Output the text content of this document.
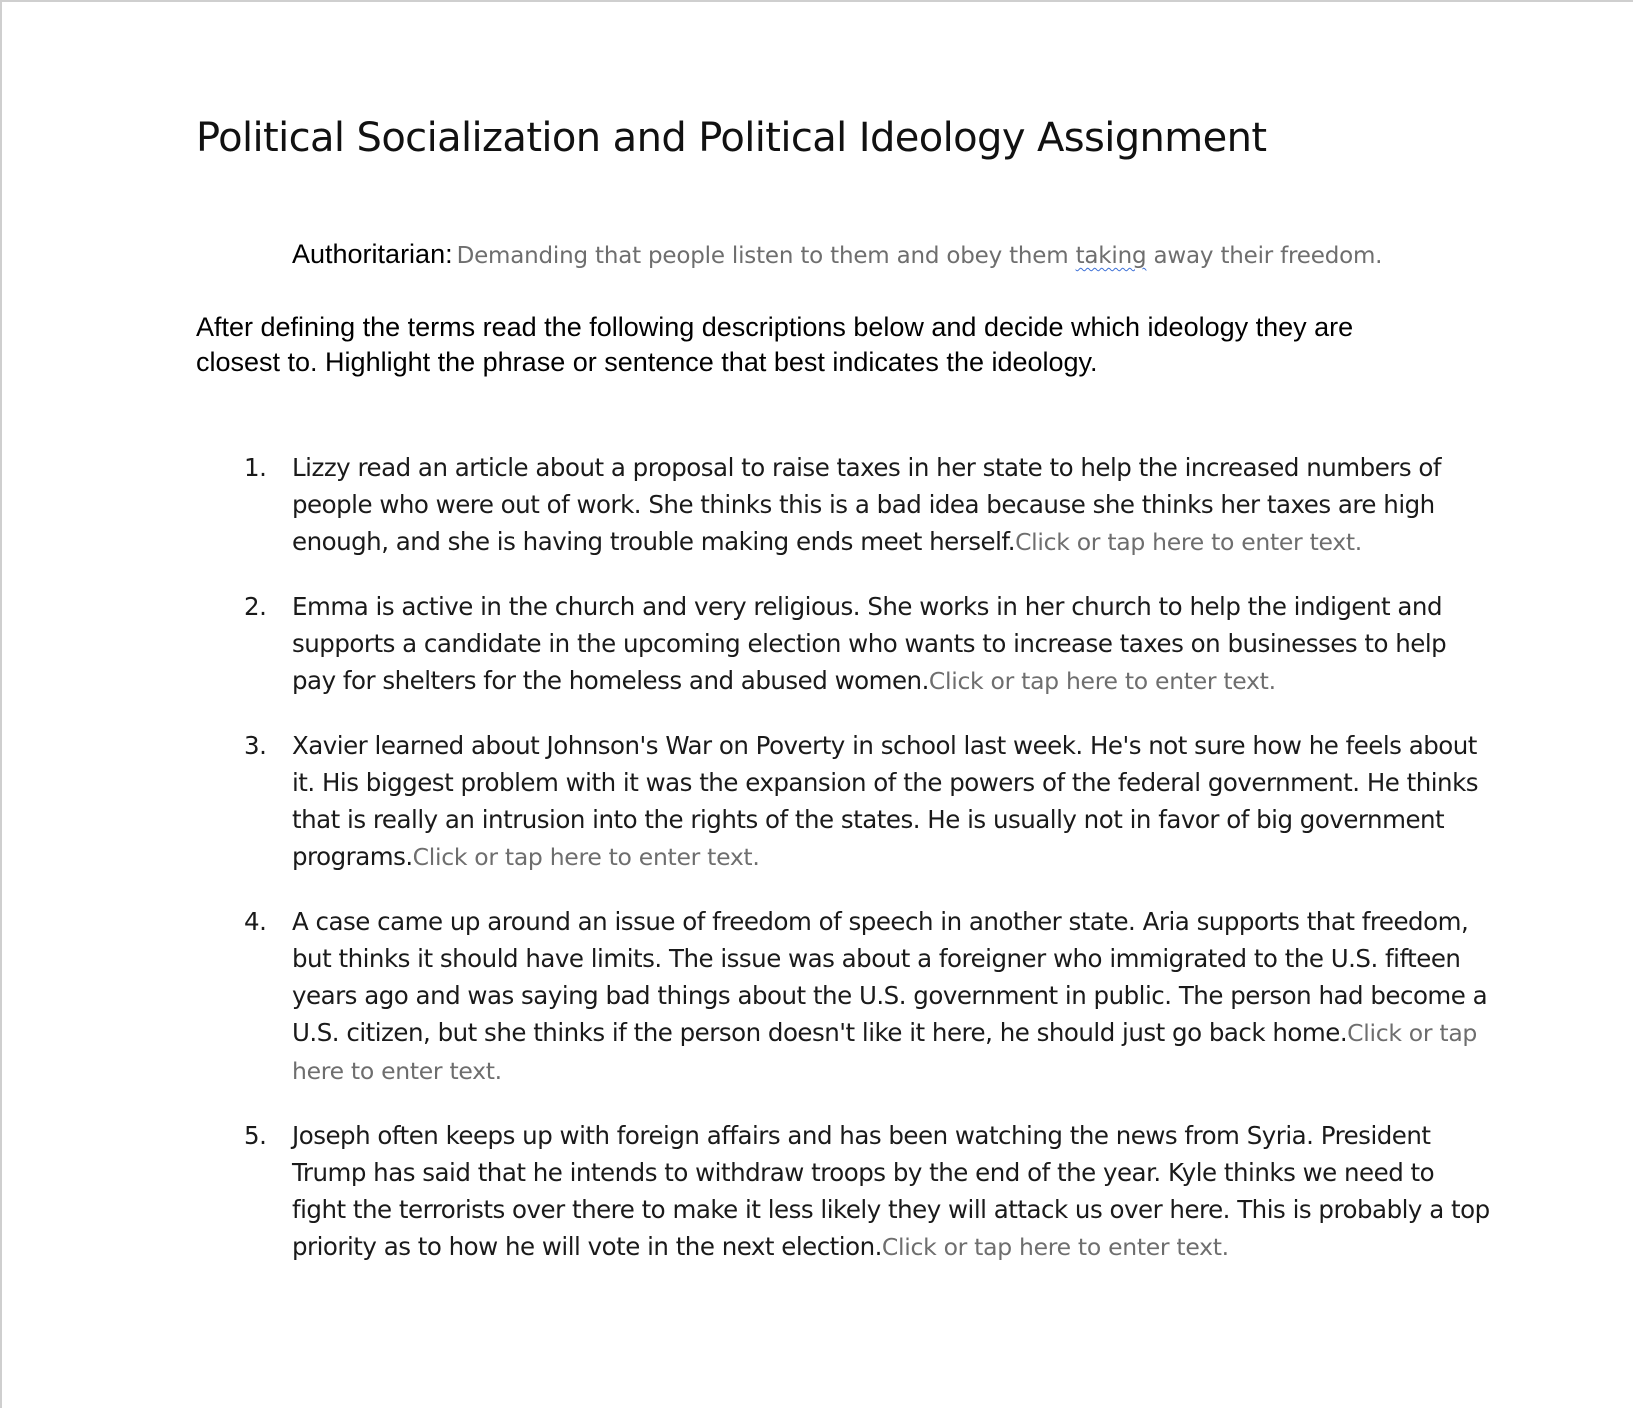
Political Socialization and Political Ideology Assignment
Authoritarian: Demanding that people listen to them and obey them taking away their freedom.

After defining the terms read the following descriptions below and decide which ideology they are closest to. Highlight the phrase or sentence that best indicates the ideology.

1. Lizzy read an article about a proposal to raise taxes in her state to help the increased numbers of people who were out of work. She thinks this is a bad idea because she thinks her taxes are high enough, and she is having trouble making ends meet herself.Click or tap here to enter text.
2. Emma is active in the church and very religious. She works in her church to help the indigent and supports a candidate in the upcoming election who wants to increase taxes on businesses to help pay for shelters for the homeless and abused women.Click or tap here to enter text.
3. Xavier learned about Johnson's War on Poverty in school last week. He's not sure how he feels about it. His biggest problem with it was the expansion of the powers of the federal government. He thinks that is really an intrusion into the rights of the states. He is usually not in favor of big government programs.Click or tap here to enter text.
4. A case came up around an issue of freedom of speech in another state. Aria supports that freedom, but thinks it should have limits. The issue was about a foreigner who immigrated to the U.S. fifteen years ago and was saying bad things about the U.S. government in public. The person had become a U.S. citizen, but she thinks if the person doesn't like it here, he should just go back home.Click or tap here to enter text.
5. Joseph often keeps up with foreign affairs and has been watching the news from Syria. President Trump has said that he intends to withdraw troops by the end of the year. Kyle thinks we need to fight the terrorists over there to make it less likely they will attack us over here. This is probably a top priority as to how he will vote in the next election.Click or tap here to enter text.
